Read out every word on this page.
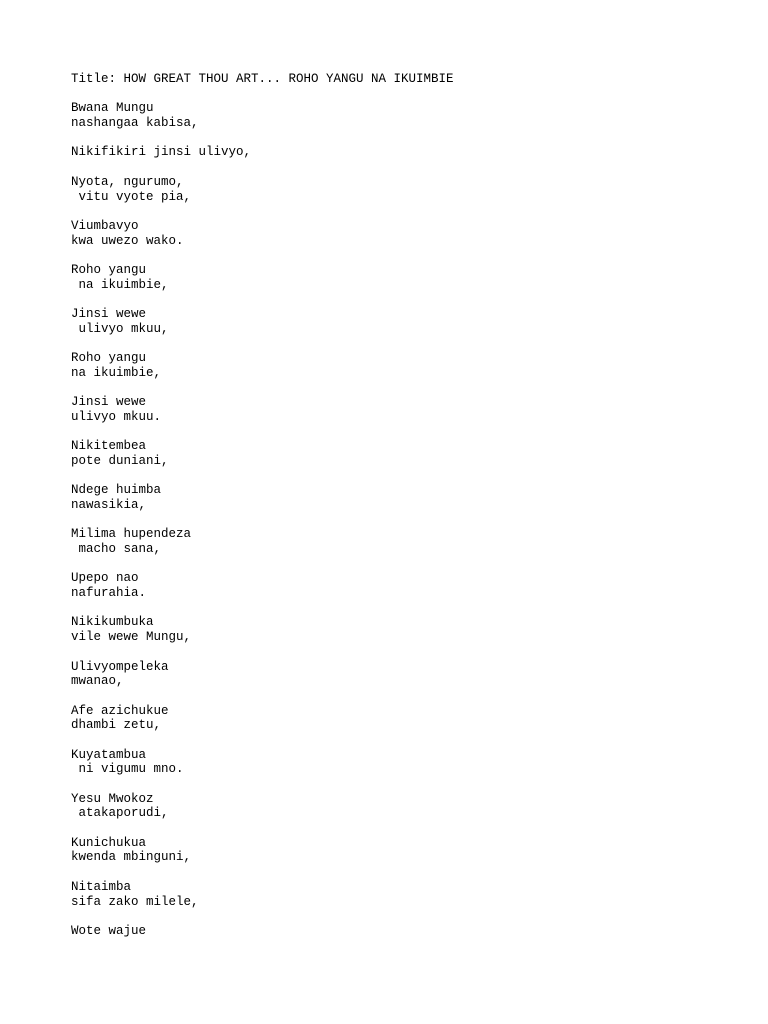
Title: HOW GREAT THOU ART... ROHO YANGU NA IKUIMBIE
Bwana Mungu
nashangaa kabisa,
Nikifikiri jinsi ulivyo,
Nyota, ngurumo,
vitu vyote pia,
Viumbavyo
kwa uwezo wako.
Roho yangu
na ikuimbie,
Jinsi wewe
ulivyo mkuu,
Roho yangu
na ikuimbie,
Jinsi wewe
ulivyo mkuu.
Nikitembea
pote duniani,
Ndege huimba
nawasikia,
Milima hupendeza
macho sana,
Upepo nao
nafurahia.
Nikikumbuka
vile wewe Mungu,
Ulivyompeleka
mwanao,
Afe azichukue
dhambi zetu,
Kuyatambua
ni vigumu mno.
Yesu Mwokoz
atakaporudi,
Kunichukua
kwenda mbinguni,
Nitaimba
sifa zako milele,
Wote wajue
